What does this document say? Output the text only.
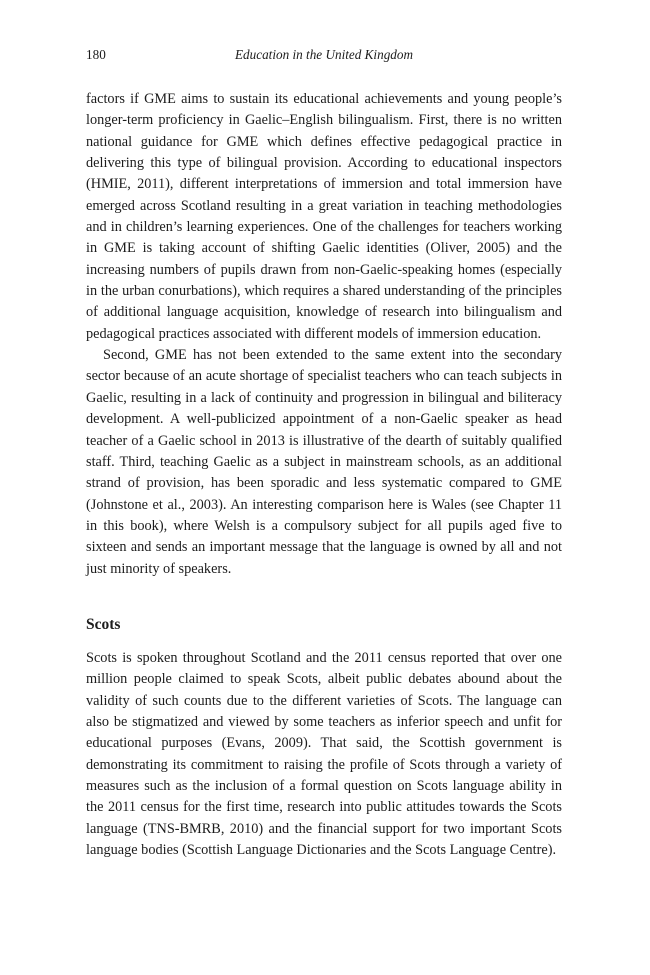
180	Education in the United Kingdom

factors if GME aims to sustain its educational achievements and young people’s longer-term proficiency in Gaelic–English bilingualism. First, there is no written national guidance for GME which defines effective pedagogical practice in delivering this type of bilingual provision. According to educational inspectors (HMIE, 2011), different interpretations of immersion and total immersion have emerged across Scotland resulting in a great variation in teaching methodologies and in children’s learning experiences. One of the challenges for teachers working in GME is taking account of shifting Gaelic identities (Oliver, 2005) and the increasing numbers of pupils drawn from non-Gaelic-speaking homes (especially in the urban conurbations), which requires a shared understanding of the principles of additional language acquisition, knowledge of research into bilingualism and pedagogical practices associated with different models of immersion education.

Second, GME has not been extended to the same extent into the secondary sector because of an acute shortage of specialist teachers who can teach subjects in Gaelic, resulting in a lack of continuity and progression in bilingual and biliteracy development. A well-publicized appointment of a non-Gaelic speaker as head teacher of a Gaelic school in 2013 is illustrative of the dearth of suitably qualified staff. Third, teaching Gaelic as a subject in mainstream schools, as an additional strand of provision, has been sporadic and less systematic compared to GME (Johnstone et al., 2003). An interesting comparison here is Wales (see Chapter 11 in this book), where Welsh is a compulsory subject for all pupils aged five to sixteen and sends an important message that the language is owned by all and not just minority of speakers.

Scots

Scots is spoken throughout Scotland and the 2011 census reported that over one million people claimed to speak Scots, albeit public debates abound about the validity of such counts due to the different varieties of Scots. The language can also be stigmatized and viewed by some teachers as inferior speech and unfit for educational purposes (Evans, 2009). That said, the Scottish government is demonstrating its commitment to raising the profile of Scots through a variety of measures such as the inclusion of a formal question on Scots language ability in the 2011 census for the first time, research into public attitudes towards the Scots language (TNS-BMRB, 2010) and the financial support for two important Scots language bodies (Scottish Language Dictionaries and the Scots Language Centre).
